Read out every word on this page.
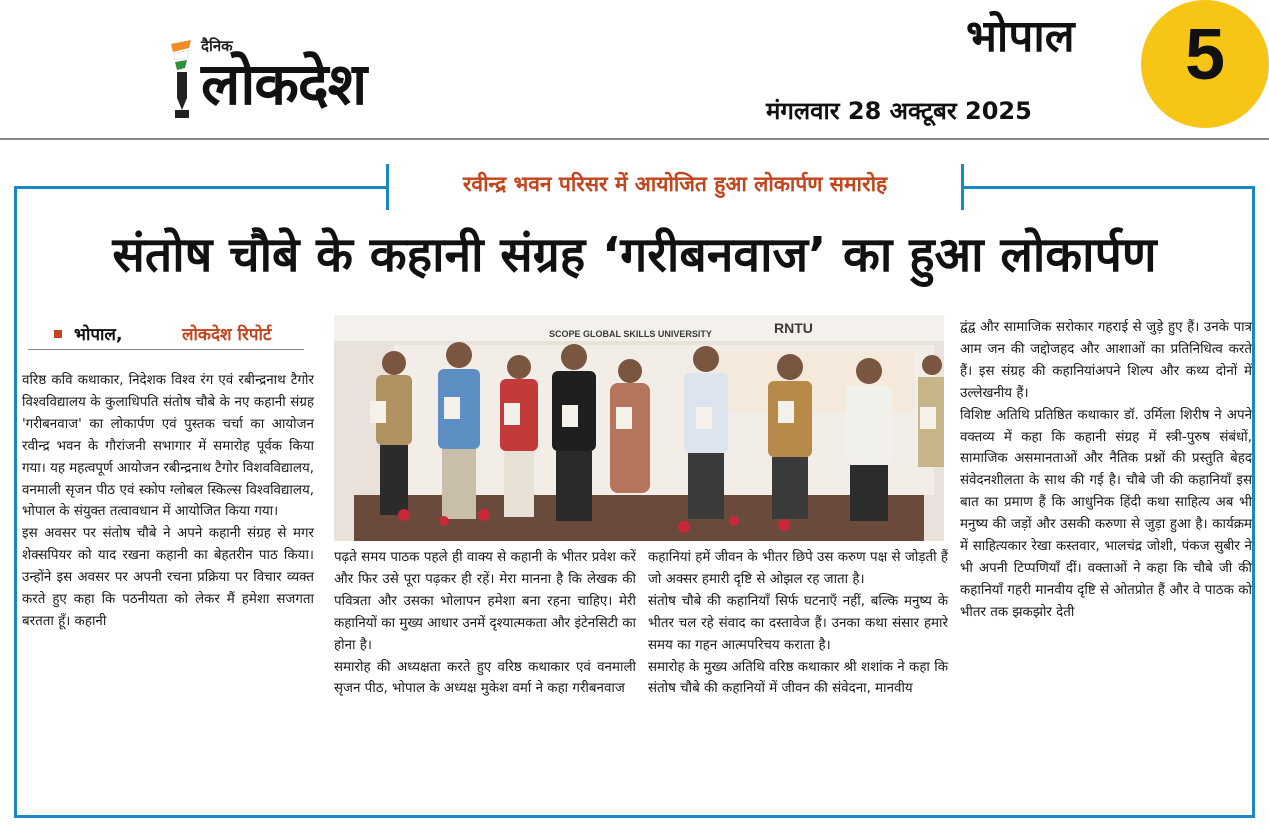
दैनिक
लोकदेश
भोपाल
मंगलवार 28 अक्टूबर 2025
5
रवीन्द्र भवन परिसर में आयोजित हुआ लोकार्पण समारोह
संतोष चौबे के कहानी संग्रह ‘गरीबनवाज’ का हुआ लोकार्पण
भोपाल,	लोकदेश रिपोर्ट

वरिष्ठ कवि कथाकार, निदेशक विश्व रंग एवं रबीन्द्रनाथ टैगोर विश्वविद्यालय के कुलाधिपति संतोष चौबे के नए कहानी संग्रह 'गरीबनवाज' का लोकार्पण एवं पुस्तक चर्चा का आयोजन रवीन्द्र भवन के गौरांजनी सभागार में समारोह पूर्वक किया गया। यह महत्वपूर्ण आयोजन रबीन्द्रनाथ टैगोर विशवविद्यालय, वनमाली सृजन पीठ एवं स्कोप ग्लोबल स्किल्स विश्वविद्यालय, भोपाल के संयुक्त तत्वावधान में आयोजित किया गया।

इस अवसर पर संतोष चौबे ने अपने कहानी संग्रह से मगर शेक्सपियर को याद रखना कहानी का बेहतरीन पाठ किया। उन्होंने इस अवसर पर अपनी रचना प्रक्रिया पर विचार व्यक्त करते हुए कहा कि पठनीयता को लेकर मैं हमेशा सजगता बरतता हूँ। कहानी

SCOPE GLOBAL SKILLS UNIVERSITY	RNTU

पढ़ते समय पाठक पहले ही वाक्य से कहानी के भीतर प्रवेश करें और फिर उसे पूरा पढ़कर ही रहें। मेरा मानना है कि लेखक की पवित्रता और उसका भोलापन हमेशा बना रहना चाहिए। मेरी कहानियों का मुख्य आधार उनमें दृश्यात्मकता और इंटेनसिटी का होना है।

समारोह की अध्यक्षता करते हुए वरिष्ठ कथाकार एवं वनमाली सृजन पीठ, भोपाल के अध्यक्ष मुकेश वर्मा ने कहा गरीबनवाज

कहानियां हमें जीवन के भीतर छिपे उस करुण पक्ष से जोड़ती हैं जो अक्सर हमारी दृष्टि से ओझल रह जाता है।

संतोष चौबे की कहानियाँ सिर्फ घटनाएँ नहीं, बल्कि मनुष्य के भीतर चल रहे संवाद का दस्तावेज हैं। उनका कथा संसार हमारे समय का गहन आत्मपरिचय कराता है।

समारोह के मुख्य अतिथि वरिष्ठ कथाकार श्री शशांक ने कहा कि संतोष चौबे की कहानियों में जीवन की संवेदना, मानवीय

द्वंद्व और सामाजिक सरोकार गहराई से जुड़े हुए हैं। उनके पात्र आम जन की जद्दोजहद और आशाओं का प्रतिनिधित्व करते हैं। इस संग्रह की कहानियांअपने शिल्प और कथ्य दोनों में उल्लेखनीय हैं।

विशिष्ट अतिथि प्रतिष्ठित कथाकार डॉ. उर्मिला शिरीष ने अपने वक्तव्य में कहा कि कहानी संग्रह में स्त्री-पुरुष संबंधों, सामाजिक असमानताओं और नैतिक प्रश्नों की प्रस्तुति बेहद संवेदनशीलता के साथ की गई है। चौबे जी की कहानियाँ इस बात का प्रमाण हैं कि आधुनिक हिंदी कथा साहित्य अब भी मनुष्य की जड़ों और उसकी करुणा से जुड़ा हुआ है। कार्यक्रम में साहित्यकार रेखा कस्तवार, भालचंद्र जोशी, पंकज सुबीर ने भी अपनी टिप्पणियाँ दीं। वक्ताओं ने कहा कि चौबे जी की कहानियाँ गहरी मानवीय दृष्टि से ओतप्रोत हैं और वे पाठक को भीतर तक झकझोर देती
